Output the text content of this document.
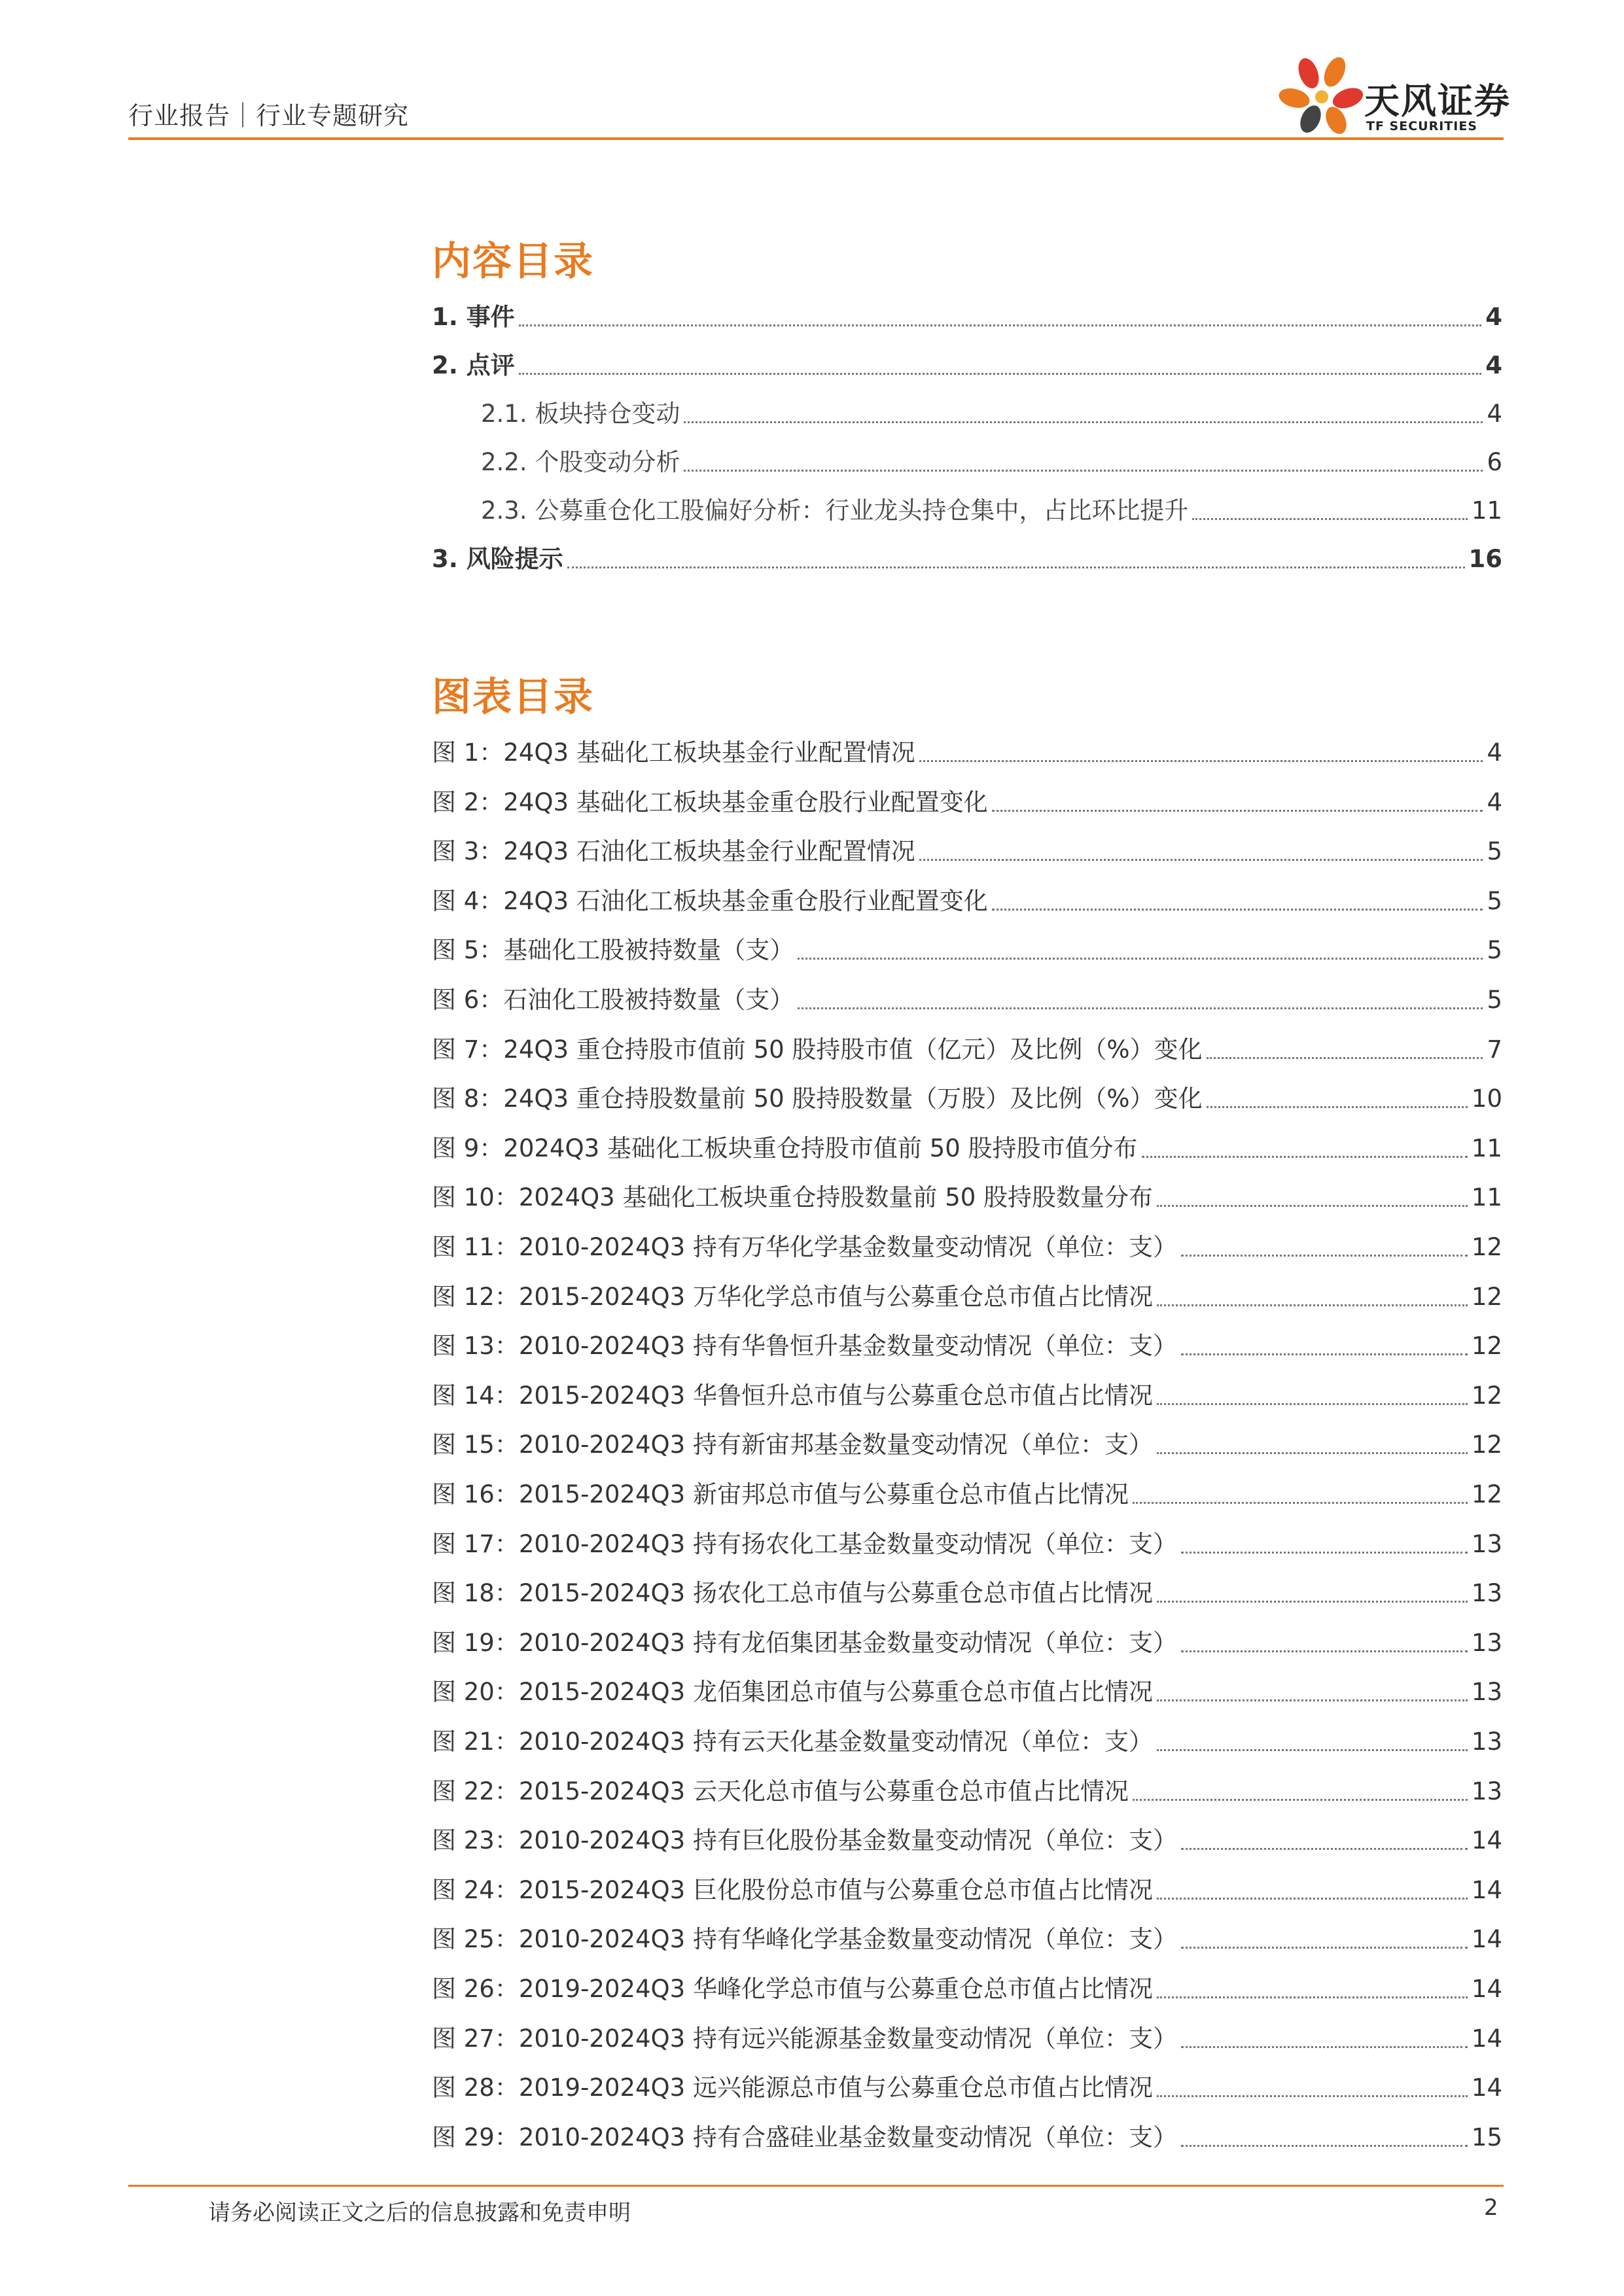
行业报告｜行业专题研究	天风证券
TF SECURITIES
内容目录
1. 事件	4
2. 点评	4
2.1. 板块持仓变动	4
2.2. 个股变动分析	6
2.3. 公募重仓化工股偏好分析：行业龙头持仓集中，占比环比提升	11
3. 风险提示	16
图表目录
图 1：24Q3 基础化工板块基金行业配置情况	4
图 2：24Q3 基础化工板块基金重仓股行业配置变化	4
图 3：24Q3 石油化工板块基金行业配置情况	5
图 4：24Q3 石油化工板块基金重仓股行业配置变化	5
图 5：基础化工股被持数量（支）	5
图 6：石油化工股被持数量（支）	5
图 7：24Q3 重仓持股市值前 50 股持股市值（亿元）及比例（%）变化	7
图 8：24Q3 重仓持股数量前 50 股持股数量（万股）及比例（%）变化	10
图 9：2024Q3 基础化工板块重仓持股市值前 50 股持股市值分布	11
图 10：2024Q3 基础化工板块重仓持股数量前 50 股持股数量分布	11
图 11：2010-2024Q3 持有万华化学基金数量变动情况（单位：支）	12
图 12：2015-2024Q3 万华化学总市值与公募重仓总市值占比情况	12
图 13：2010-2024Q3 持有华鲁恒升基金数量变动情况（单位：支）	12
图 14：2015-2024Q3 华鲁恒升总市值与公募重仓总市值占比情况	12
图 15：2010-2024Q3 持有新宙邦基金数量变动情况（单位：支）	12
图 16：2015-2024Q3 新宙邦总市值与公募重仓总市值占比情况	12
图 17：2010-2024Q3 持有扬农化工基金数量变动情况（单位：支）	13
图 18：2015-2024Q3 扬农化工总市值与公募重仓总市值占比情况	13
图 19：2010-2024Q3 持有龙佰集团基金数量变动情况（单位：支）	13
图 20：2015-2024Q3 龙佰集团总市值与公募重仓总市值占比情况	13
图 21：2010-2024Q3 持有云天化基金数量变动情况（单位：支）	13
图 22：2015-2024Q3 云天化总市值与公募重仓总市值占比情况	13
图 23：2010-2024Q3 持有巨化股份基金数量变动情况（单位：支）	14
图 24：2015-2024Q3 巨化股份总市值与公募重仓总市值占比情况	14
图 25：2010-2024Q3 持有华峰化学基金数量变动情况（单位：支）	14
图 26：2019-2024Q3 华峰化学总市值与公募重仓总市值占比情况	14
图 27：2010-2024Q3 持有远兴能源基金数量变动情况（单位：支）	14
图 28：2019-2024Q3 远兴能源总市值与公募重仓总市值占比情况	14
图 29：2010-2024Q3 持有合盛硅业基金数量变动情况（单位：支）	15
请务必阅读正文之后的信息披露和免责申明	2
